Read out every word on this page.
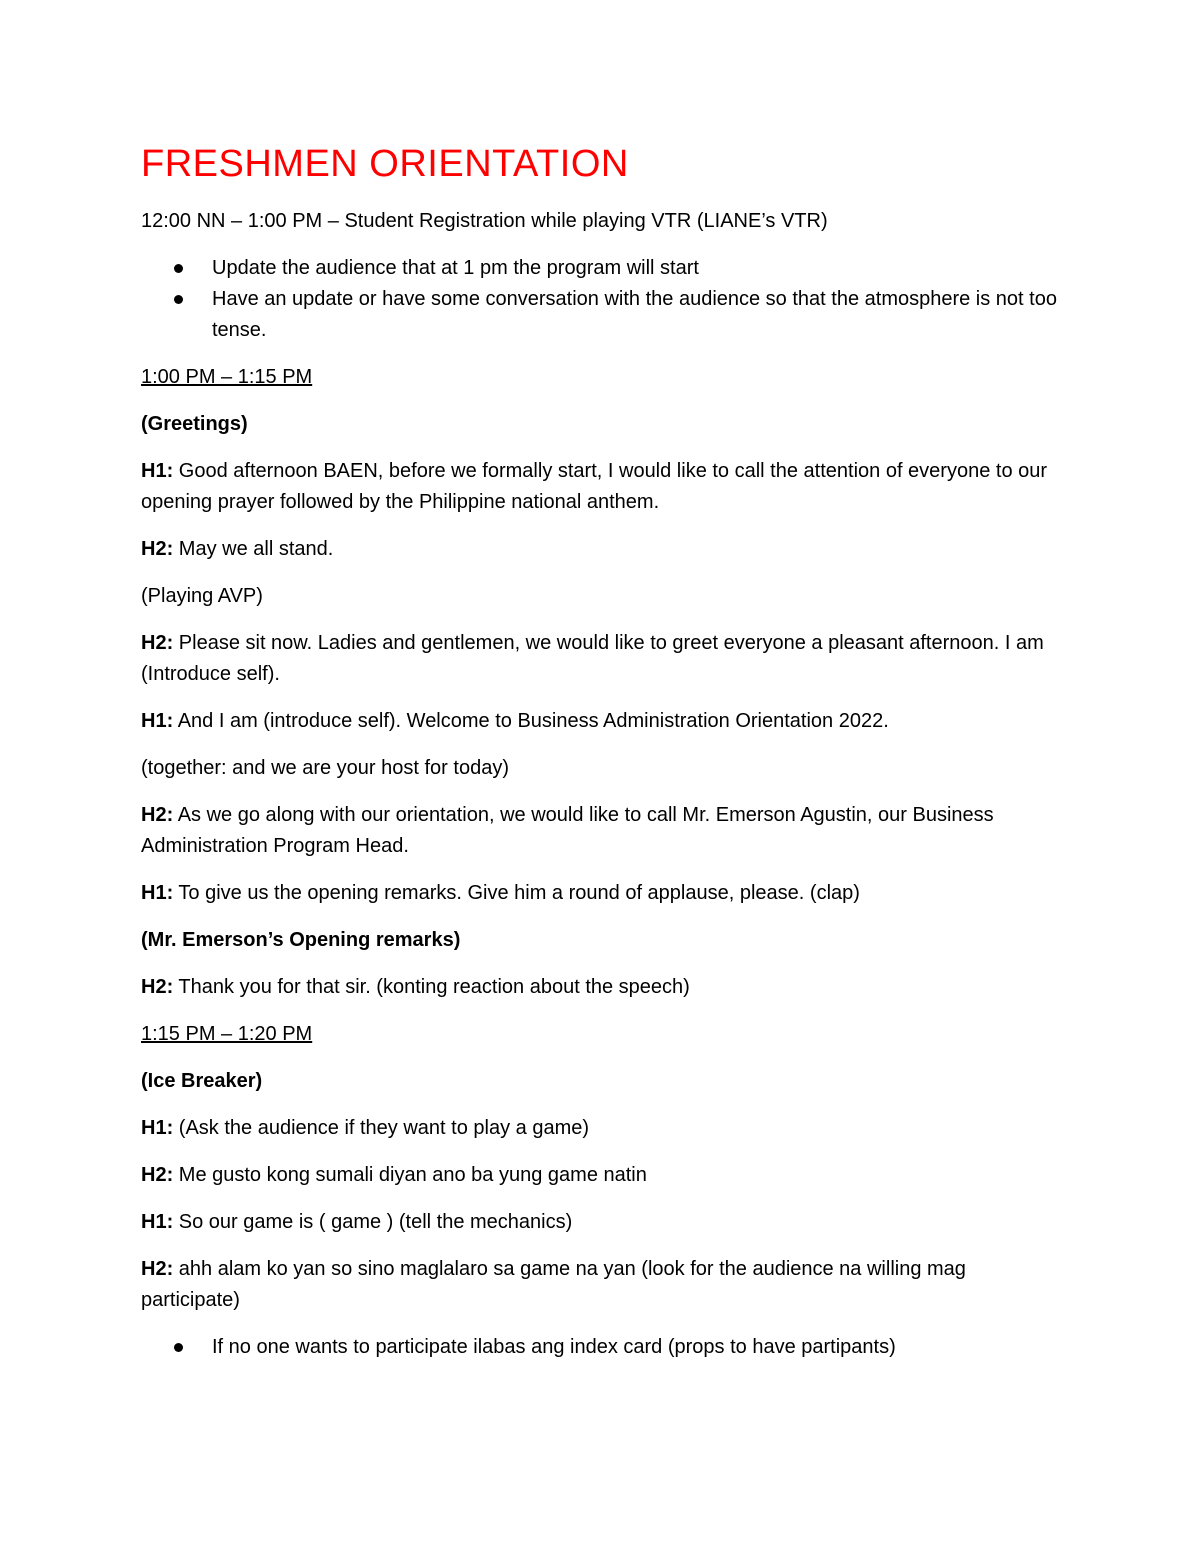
FRESHMEN ORIENTATION

12:00 NN – 1:00 PM – Student Registration while playing VTR (LIANE’s VTR)

Update the audience that at 1 pm the program will start
Have an update or have some conversation with the audience so that the atmosphere is not too tense.

1:00 PM – 1:15 PM

(Greetings)

H1: Good afternoon BAEN, before we formally start, I would like to call the attention of everyone to our opening prayer followed by the Philippine national anthem.

H2: May we all stand.

(Playing AVP)

H2: Please sit now. Ladies and gentlemen, we would like to greet everyone a pleasant afternoon. I am (Introduce self).

H1: And I am (introduce self). Welcome to Business Administration Orientation 2022.

(together: and we are your host for today)

H2: As we go along with our orientation, we would like to call Mr. Emerson Agustin, our Business Administration Program Head.

H1: To give us the opening remarks. Give him a round of applause, please. (clap)

(Mr. Emerson’s Opening remarks)

H2: Thank you for that sir. (konting reaction about the speech)

1:15 PM – 1:20 PM

(Ice Breaker)

H1: (Ask the audience if they want to play a game)

H2: Me gusto kong sumali diyan ano ba yung game natin

H1: So our game is ( game ) (tell the mechanics)

H2: ahh alam ko yan so sino maglalaro sa game na yan (look for the audience na willing mag participate)

If no one wants to participate ilabas ang index card (props to have partipants)
